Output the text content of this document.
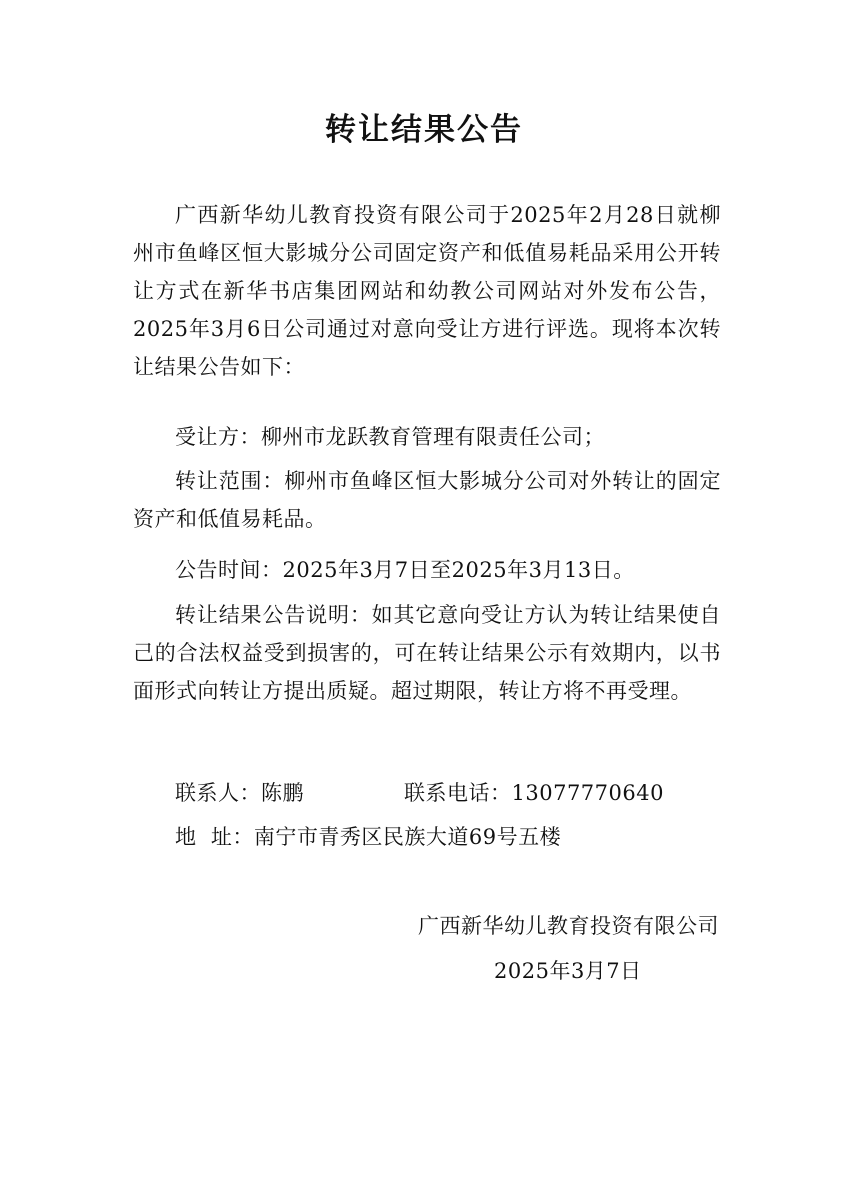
转让结果公告

广西新华幼儿教育投资有限公司于2025年2月28日就柳州市鱼峰区恒大影城分公司固定资产和低值易耗品采用公开转让方式在新华书店集团网站和幼教公司网站对外发布公告，2025年3月6日公司通过对意向受让方进行评选。现将本次转让结果公告如下：

受让方：柳州市龙跃教育管理有限责任公司；

转让范围：柳州市鱼峰区恒大影城分公司对外转让的固定资产和低值易耗品。

公告时间：2025年3月7日至2025年3月13日。

转让结果公告说明：如其它意向受让方认为转让结果使自己的合法权益受到损害的，可在转让结果公示有效期内，以书面形式向转让方提出质疑。超过期限，转让方将不再受理。

联系人：陈鹏	联系电话：13077770640

地  址：南宁市青秀区民族大道69号五楼

广西新华幼儿教育投资有限公司

2025年3月7日
